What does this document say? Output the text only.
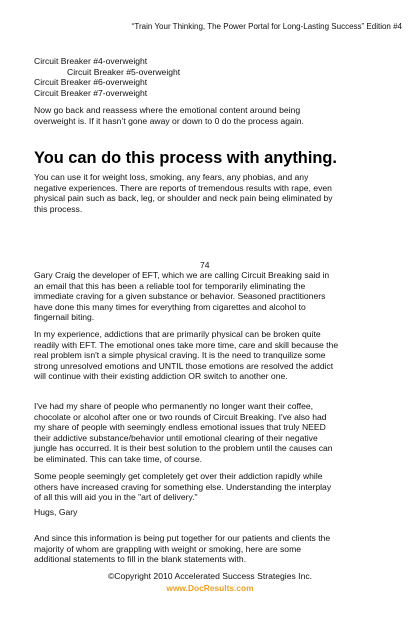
“Train Your Thinking, The Power Portal for Long-Lasting Success” Edition #4

Circuit Breaker #4-overweight

Circuit Breaker #5-overweight

Circuit Breaker #6-overweight

Circuit Breaker #7-overweight

Now go back and reassess where the emotional content around being

overweight is. If it hasn’t gone away or down to 0 do the process again.

You can do this process with anything.

You can use it for weight loss, smoking, any fears, any phobias, and any

negative experiences. There are reports of tremendous results with rape, even

physical pain such as back, leg, or shoulder and neck pain being eliminated by

this process.

74

Gary Craig the developer of EFT, which we are calling Circuit Breaking said in

an email that this has been a reliable tool for temporarily eliminating the

immediate craving for a given substance or behavior. Seasoned practitioners

have done this many times for everything from cigarettes and alcohol to

fingernail biting.

In my experience, addictions that are primarily physical can be broken quite

readily with EFT. The emotional ones take more time, care and skill because the

real problem isn't a simple physical craving. It is the need to tranquilize some

strong unresolved emotions and UNTIL those emotions are resolved the addict

will continue with their existing addiction OR switch to another one.

I've had my share of people who permanently no longer want their coffee,

chocolate or alcohol after one or two rounds of Circuit Breaking. I've also had

my share of people with seemingly endless emotional issues that truly NEED

their addictive substance/behavior until emotional clearing of their negative

jungle has occurred. It is their best solution to the problem until the causes can

be eliminated. This can take time, of course.

Some people seemingly get completely get over their addiction rapidly while

others have increased craving for something else. Understanding the interplay

of all this will aid you in the "art of delivery."

Hugs, Gary

And since this information is being put together for our patients and clients the

majority of whom are grappling with weight or smoking, here are some

additional statements to fill in the blank statements with.

©Copyright 2010 Accelerated Success Strategies Inc.
www.DocResults.com
